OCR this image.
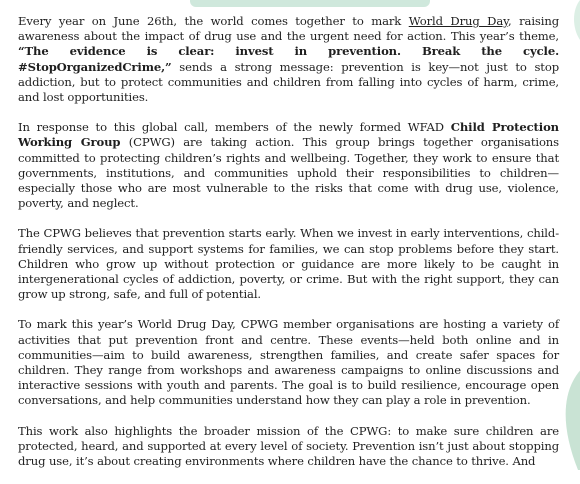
Every year on June 26th, the world comes together to mark World Drug Day, raising awareness about the impact of drug use and the urgent need for action. This year’s theme, “The evidence is clear: invest in prevention. Break the cycle. #StopOrganizedCrime,” sends a strong message: prevention is key—not just to stop addiction, but to protect communities and children from falling into cycles of harm, crime, and lost opportunities.

In response to this global call, members of the newly formed WFAD Child Protection Working Group (CPWG) are taking action. This group brings together organisations committed to protecting children’s rights and wellbeing. Together, they work to ensure that governments, institutions, and communities uphold their responsibilities to children—especially those who are most vulnerable to the risks that come with drug use, violence, poverty, and neglect.

The CPWG believes that prevention starts early. When we invest in early interventions, child-friendly services, and support systems for families, we can stop problems before they start. Children who grow up without protection or guidance are more likely to be caught in intergenerational cycles of addiction, poverty, or crime. But with the right support, they can grow up strong, safe, and full of potential.

To mark this year’s World Drug Day, CPWG member organisations are hosting a variety of activities that put prevention front and centre. These events—held both online and in communities—aim to build awareness, strengthen families, and create safer spaces for children. They range from workshops and awareness campaigns to online discussions and interactive sessions with youth and parents. The goal is to build resilience, encourage open conversations, and help communities understand how they can play a role in prevention.

This work also highlights the broader mission of the CPWG: to make sure children are protected, heard, and supported at every level of society. Prevention isn’t just about stopping drug use, it’s about creating environments where children have the chance to thrive. And
